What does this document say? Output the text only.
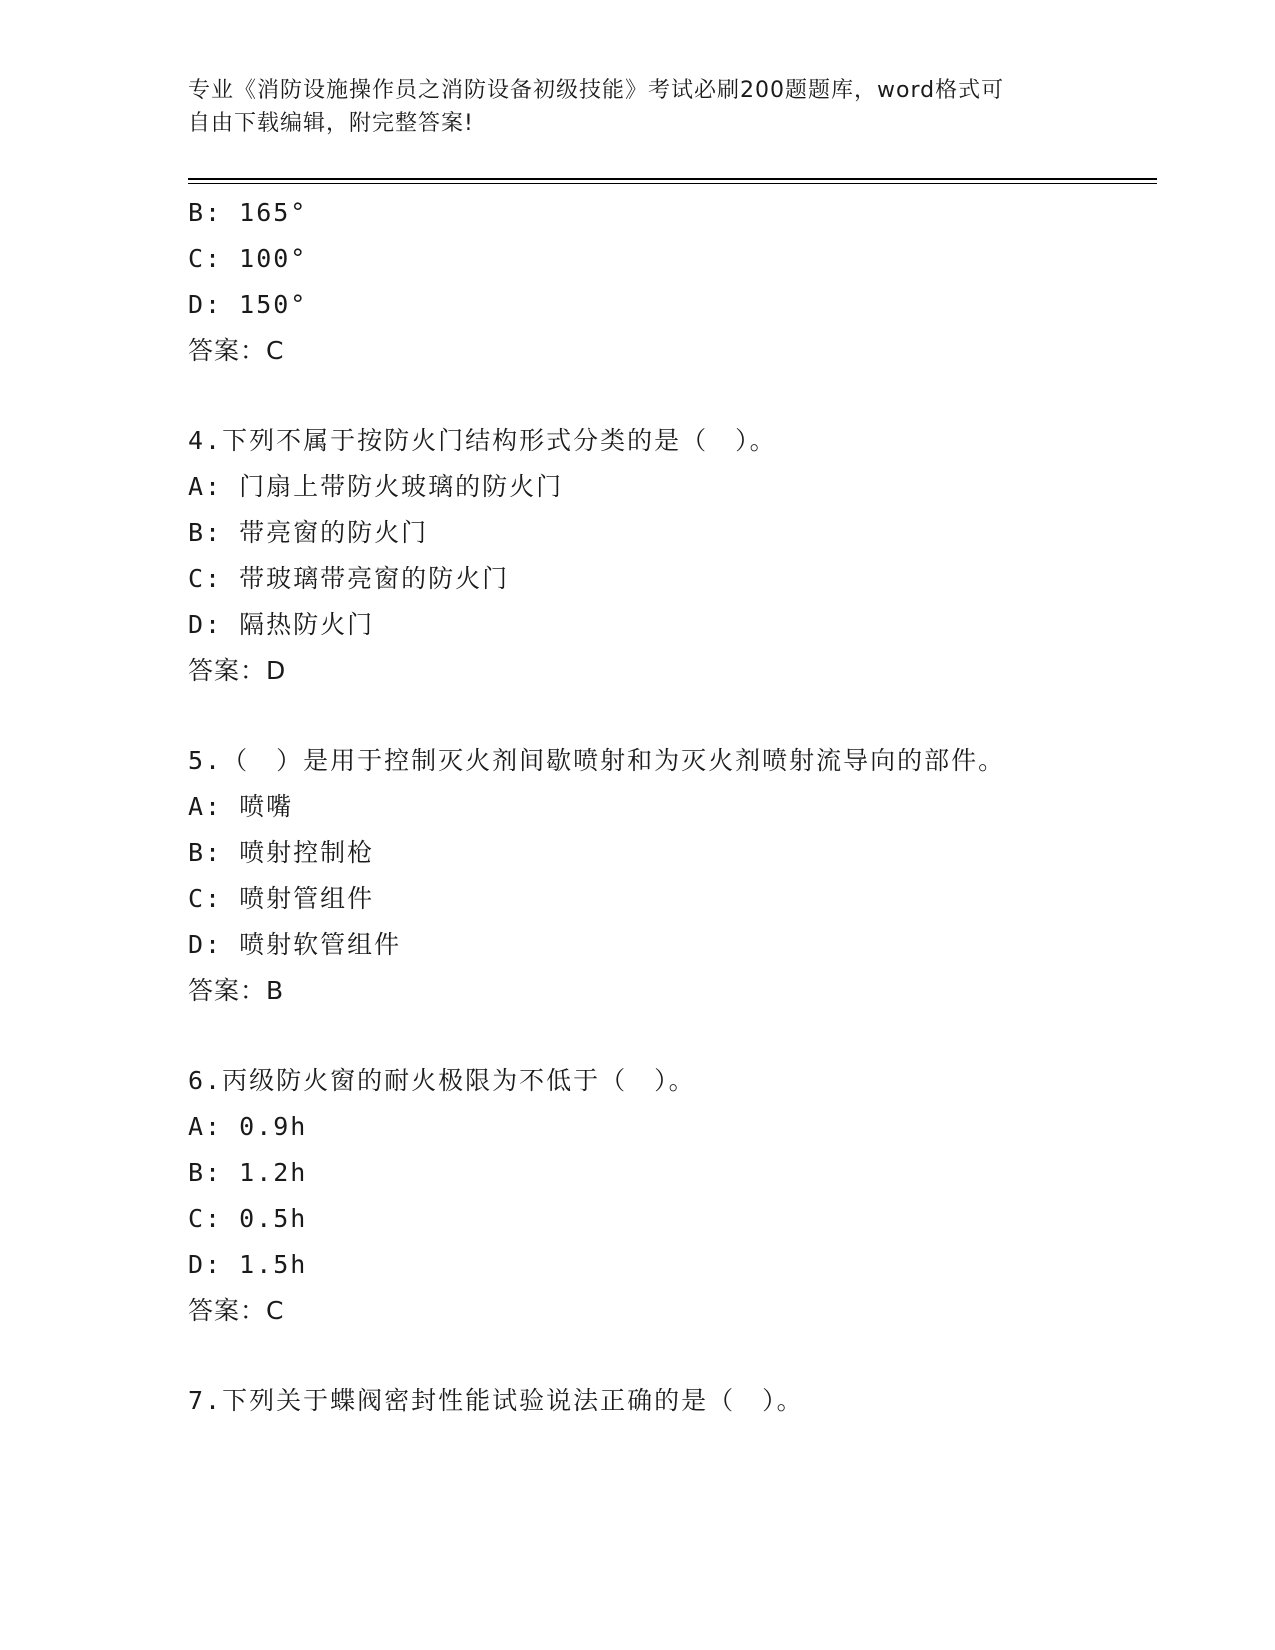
专业《消防设施操作员之消防设备初级技能》考试必刷200题题库，word格式可
自由下载编辑，附完整答案!
B: 165°
C: 100°
D: 150°
答案：C
4.下列不属于按防火门结构形式分类的是（　）。
A: 门扇上带防火玻璃的防火门
B: 带亮窗的防火门
C: 带玻璃带亮窗的防火门
D: 隔热防火门
答案：D
5.（　）是用于控制灭火剂间歇喷射和为灭火剂喷射流导向的部件。
A: 喷嘴
B: 喷射控制枪
C: 喷射管组件
D: 喷射软管组件
答案：B
6.丙级防火窗的耐火极限为不低于（　）。
A: 0.9h
B: 1.2h
C: 0.5h
D: 1.5h
答案：C
7.下列关于蝶阀密封性能试验说法正确的是（　）。
